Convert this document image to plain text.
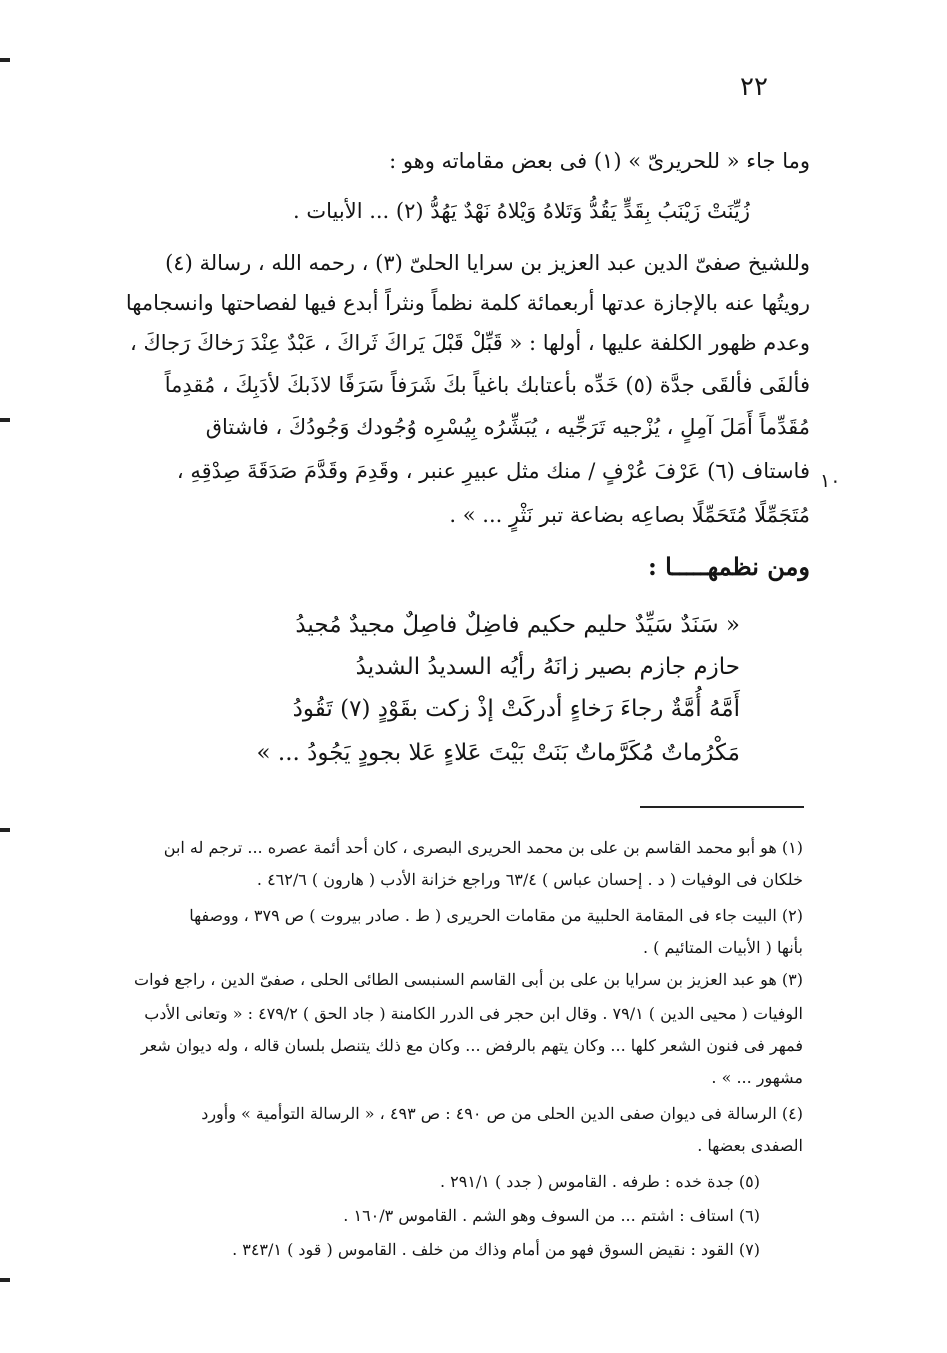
٢٢
وما جاء « للحريرىّ » (١) فى بعض مقاماته وهو :
زُيِّنَتْ زَيْنَبُ بِقَدٍّ يَقُدُّ وَتَلاهُ وَيْلاهُ نَهْدٌ يَهُدُّ (٢) ... الأبيات .
وللشيخ صفىّ الدين عبد العزيز بن سرايا الحلىّ (٣) ، رحمه الله ، رسالة (٤)
رويتُها عنه بالإجازة عدتها أربعمائة كلمة نظماً ونثراً أبدع فيها لفصاحتها وانسجامها
وعدم ظهور الكلفة عليها ، أولها : « قَبِّلْ قَبْلَ يَراكَ ثَراكَ ، عَبْدٌ عِنْدَ رَخاكَ رَجاكَ ،
فألفَى فألقَى جدَّة (٥) خَدِّه بأعتابك باغياً بكَ شَرَفاً سَرَفًا لاذَبكَ لأدَبِكَ ، مُقدِماً
مُقَدِّماً أَمَلَ آمِلٍ ، يُزْجيه تَرَجِّيه ، يُبَشِّرُه بِيُسْرِه وُجُودك وَجُودُكَ ، فاشتاق
فاستاف (٦) عَرْفَ عُرْفٍ / منك مثل عبيرِ عنبر ، وقَدِمَ وقَدَّمَ صَدَقَةَ صِدْقِهِ ، ١٠
مُتَجَمِّلًا مُتَحَمِّلًا بصاعِه بضاعة تبر نَثْرٍ ... » .
ومن نظمهـــــا :
« سَنَدٌ سَيِّدٌ حليم حكيم فاضِلٌ فاصِلٌ مجيدٌ مُجيدُ
حازم جازم بصير زانَهُ رأيُه السديدُ الشديدُ
أَمَّهُ أُمَّةٌ رجاءَ رَخاءٍ أدركَتْ إذْ زكت بقَوْدٍ (٧) تَقُودُ
مَكْرُماتٌ مُكَرَّماتٌ بَنَتْ بَيْتَ عَلاءٍ عَلا بجودٍ يَجُودُ ... »
(١) هو أبو محمد القاسم بن على بن محمد الحريرى البصرى ، كان أحد أئمة عصره ... ترجم له ابن
خلكان فى الوفيات ( د . إحسان عباس ) ٦٣/٤ وراجع خزانة الأدب ( هارون ) ٤٦٢/٦ .
(٢) البيت جاء فى المقامة الحلبية من مقامات الحريرى ( ط . صادر بيروت ) ص ٣٧٩ ، ووصفها
بأنها ( الأبيات المتائيم ) .
(٣) هو عبد العزيز بن سرايا بن على بن أبى القاسم السنبسى الطائى الحلى ، صفىّ الدين ، راجع فوات
الوفيات ( محيى الدين ) ٧٩/١ . وقال ابن حجر فى الدرر الكامنة ( جاد الحق ) ٤٧٩/٢ : « وتعانى الأدب
فمهر فى فنون الشعر كلها ... وكان يتهم بالرفض ... وكان مع ذلك يتنصل بلسان قاله ، وله ديوان شعر
مشهور ... » .
(٤) الرسالة فى ديوان صفى الدين الحلى من ص ٤٩٠ : ص ٤٩٣ ، « الرسالة التوأمية » وأورد
الصفدى بعضها .
(٥) جدة خده : طرفه . القاموس ( جدد ) ٢٩١/١ .
(٦) استاف : اشتم ... من السوف وهو الشم . القاموس ١٦٠/٣ .
(٧) القود : نقيض السوق فهو من أمام وذاك من خلف . القاموس ( قود ) ٣٤٣/١ .
